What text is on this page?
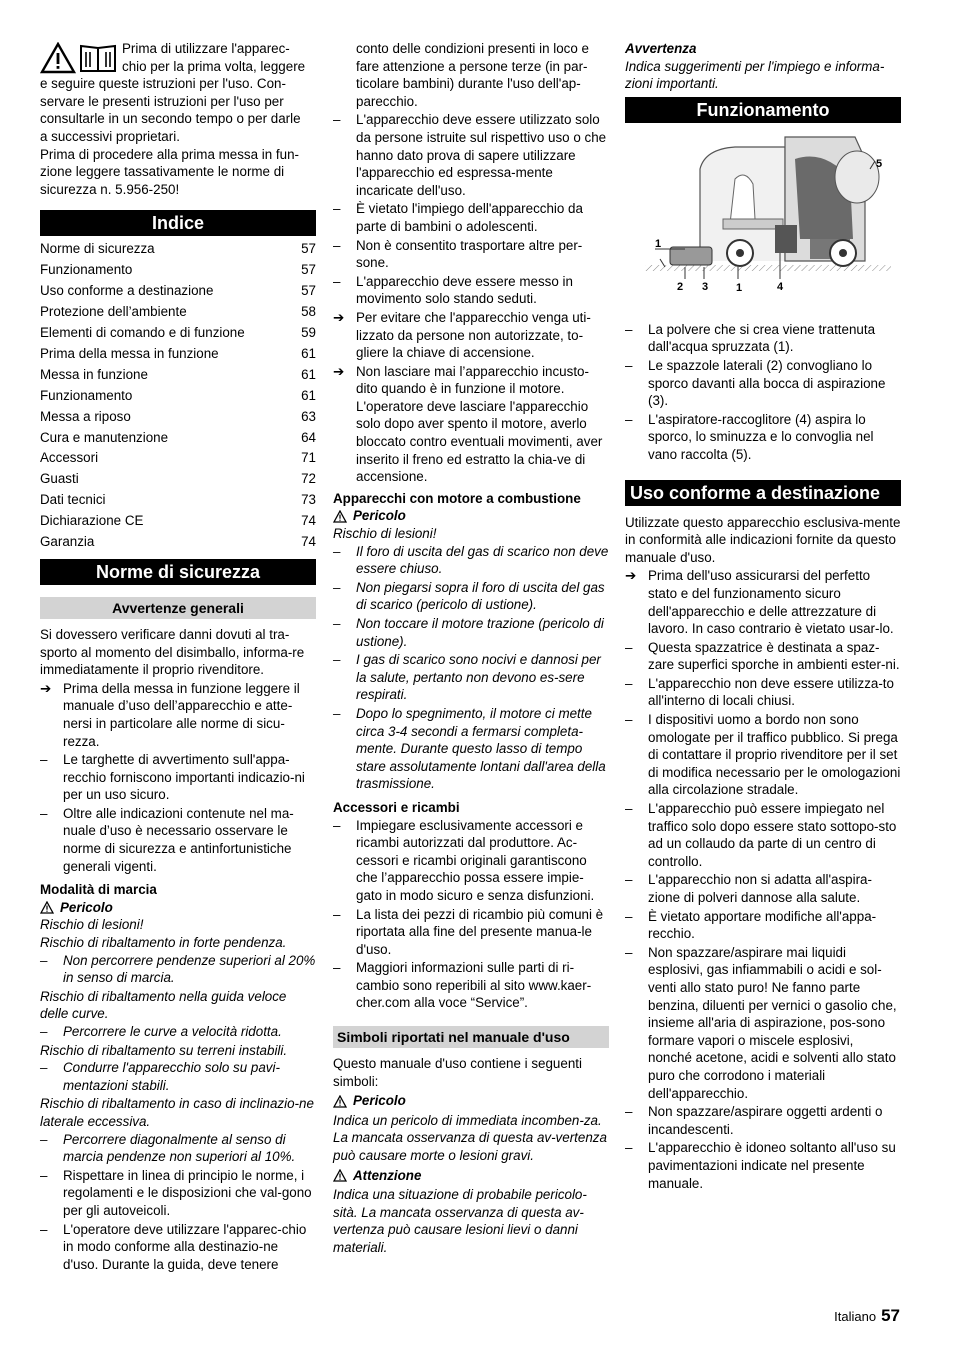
Prima di utilizzare l'apparec-
chio per la prima volta, leggere
e seguire queste istruzioni per l'uso. Con-
servare le presenti istruzioni per l'uso per
consultarle in un secondo tempo o per darle
a successivi proprietari.
Prima di procedere alla prima messa in fun-
zione leggere tassativamente le norme di
sicurezza n. 5.956-250!
Indice
Norme di sicurezza	57
Funzionamento	57
Uso conforme a destinazione	57
Protezione dell’ambiente	58
Elementi di comando e di funzione	59
Prima della messa in funzione	61
Messa in funzione	61
Funzionamento	61
Messa a riposo	63
Cura e manutenzione	64
Accessori	71
Guasti	72
Dati tecnici	73
Dichiarazione CE	74
Garanzia	74
Norme di sicurezza
Avvertenze generali

Si dovessero verificare danni dovuti al tra-sporto al momento del disimballo, informa-re immediatamente il proprio rivenditore.

➔ Prima della messa in funzione leggere il manuale d’uso dell’apparecchio e atte-nersi in particolare alle norme di sicu-rezza.
–	Le targhette di avvertimento sull'appa-recchio forniscono importanti indicazio-ni per un uso sicuro.
–	Oltre alle indicazioni contenute nel ma-nuale d’uso è necessario osservare le norme di sicurezza e antinfortunistiche generali vigenti.
Modalità di marcia
Pericolo
Rischio di lesioni!
Rischio di ribaltamento in forte pendenza.
–	Non percorrere pendenze superiori al 20% in senso di marcia.
Rischio di ribaltamento nella guida veloce delle curve.
–	Percorrere le curve a velocità ridotta.
Rischio di ribaltamento su terreni instabili.
–	Condurre l'apparecchio solo su pavi-mentazioni stabili.
Rischio di ribaltamento in caso di inclinazio-ne laterale eccessiva.
–	Percorrere diagonalmente al senso di marcia pendenze non superiori al 10%.
–	Rispettare in linea di principio le norme, i regolamenti e le disposizioni che val-gono per gli autoveicoli.
–	L'operatore deve utilizzare l'apparec-chio in modo conforme alla destinazio-ne d'uso. Durante la guida, deve tenere
conto delle condizioni presenti in loco e fare attenzione a persone terze (in par-ticolare bambini) durante l'uso dell'ap-parecchio.
–	L'apparecchio deve essere utilizzato solo da persone istruite sul rispettivo uso o che hanno dato prova di sapere utilizzare l'apparecchio ed espressa-mente incaricate dell'uso.
–	È vietato l'impiego dell'apparecchio da parte di bambini o adolescenti.
–	Non è consentito trasportare altre per-sone.
–	L'apparecchio deve essere messo in movimento solo stando seduti.
➔ Per evitare che l'apparecchio venga uti-lizzato da persone non autorizzate, to-gliere la chiave di accensione.
➔ Non lasciare mai l’apparecchio incusto-dito quando è in funzione il motore. L'operatore deve lasciare l'apparecchio solo dopo aver spento il motore, averlo bloccato contro eventuali movimenti, aver inserito il freno ed estratto la chia-ve di accensione.
Apparecchi con motore a combustione
Pericolo
Rischio di lesioni!
–	Il foro di uscita del gas di scarico non deve essere chiuso.
–	Non piegarsi sopra il foro di uscita del gas di scarico (pericolo di ustione).
–	Non toccare il motore trazione (pericolo di ustione).
–	I gas di scarico sono nocivi e dannosi per la salute, pertanto non devono es-sere respirati.
–	Dopo lo spegnimento, il motore ci mette circa 3-4 secondi a fermarsi completa-mente. Durante questo lasso di tempo stare assolutamente lontani dall'area della trasmissione.
Accessori e ricambi
–	Impiegare esclusivamente accessori e ricambi autorizzati dal produttore. Ac-cessori e ricambi originali garantiscono che l’apparecchio possa essere impie-gato in modo sicuro e senza disfunzioni.
–	La lista dei pezzi di ricambio più comuni è riportata alla fine del presente manua-le d'uso.
–	Maggiori informazioni sulle parti di ri-cambio sono reperibili al sito www.kaer-cher.com alla voce “Service”.
Simboli riportati nel manuale d'uso

Questo manuale d'uso contiene i seguenti simboli:

Pericolo

Indica un pericolo di immediata incomben-za. La mancata osservanza di questa av-vertenza può causare morte o lesioni gravi.

Attenzione

Indica una situazione di probabile pericolo-sità. La mancata osservanza di questa av-vertenza può causare lesioni lievi o danni materiali.

Avvertenza

Indica suggerimenti per l'impiego e informa-zioni importanti.

Funzionamento
1
2 3	1	4
5
–	La polvere che si crea viene trattenuta dall'acqua spruzzata (1).
–	Le spazzole laterali (2) convogliano lo sporco davanti alla bocca di aspirazione (3).
–	L'aspiratore-raccoglitore (4) aspira lo sporco, lo sminuzza e lo convoglia nel vano raccolta (5).
Uso conforme a destinazione

Utilizzate questo apparecchio esclusiva-mente in conformità alle indicazioni fornite da questo manuale d'uso.

➔ Prima dell'uso assicurarsi del perfetto stato e del funzionamento sicuro dell'apparecchio e delle attrezzature di lavoro. In caso contrario è vietato usar-lo.
–	Questa spazzatrice è destinata a spaz-zare superfici sporche in ambienti ester-ni.
–	L'apparecchio non deve essere utilizza-to all'interno di locali chiusi.
–	I dispositivi uomo a bordo non sono omologate per il traffico pubblico. Si prega di contattare il proprio rivenditore per il set di modifica necessario per le omologazioni alla circolazione stradale.
–	L'apparecchio può essere impiegato nel traffico solo dopo essere stato sottopo-sto ad un collaudo da parte di un centro di controllo.
–	L'apparecchio non si adatta all'aspira-zione di polveri dannose alla salute.
–	È vietato apportare modifiche all'appa-recchio.
–	Non spazzare/aspirare mai liquidi esplosivi, gas infiammabili o acidi e sol-venti allo stato puro! Ne fanno parte benzina, diluenti per vernici o gasolio che, insieme all'aria di aspirazione, pos-sono formare vapori o miscele esplosivi, nonché acetone, acidi e solventi allo stato puro che corrodono i materiali dell'apparecchio.
–	Non spazzare/aspirare oggetti ardenti o incandescenti.
–	L'apparecchio è idoneo soltanto all'uso su pavimentazioni indicate nel presente manuale.
Italiano 57
